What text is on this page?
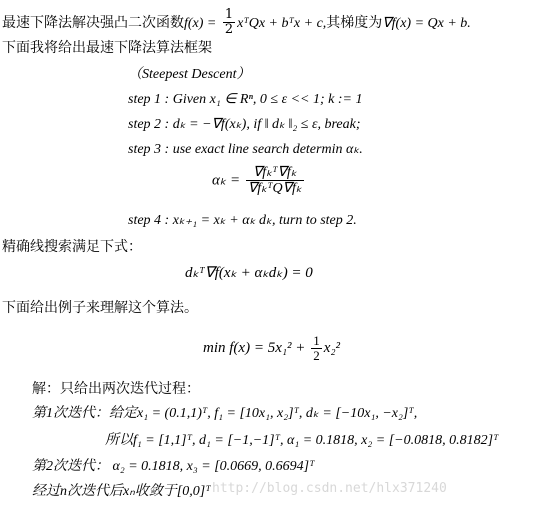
最速下降法解决强凸二次函数$f(x) = \frac{1}{2}$ xᵀQx + bᵀx + c,其梯度为∇f(x) = Qx + b.
下面我将给出最速下降法算法框架
（Steepest Descent）
step 1 : Given x₁ ∈ Rⁿ, 0 ≤ ε << 1; k := 1
step 2 : dₖ = −∇f(xₖ), if ‖ dₖ ‖₂ ≤ ε, break;
step 3 : use exact line search determin αₖ.
$\alpha_k = \frac{\text{∇fₖᵀ∇fₖ}}{\text{∇fₖᵀQ∇fₖ}}$
step 4 : xₖ₊₁ = xₖ + αₖ dₖ, turn to step 2.
精确线搜索满足下式：
dₖᵀ∇f(xₖ + αₖdₖ) = 0
下面给出例子来理解这个算法。
$\min f(x) = 5x_1^2 + \frac{1}{2} x_2^2$
解：只给出两次迭代过程：
第1次迭代：给定x₁ = (0.1,1)ᵀ, f₁ = [10x₁, x₂]ᵀ, dₖ = [−10x₁, −x₂]ᵀ,
所以f₁ = [1,1]ᵀ, d₁ = [−1,−1]ᵀ, α₁ = 0.1818, x₂ = [−0.0818, 0.8182]ᵀ
第2次迭代： α₂ = 0.1818, x₃ = [0.0669, 0.6694]ᵀ
经过n次迭代后xₙ收敛于[0,0]ᵀ http://blog.csdn.net/hlx371240
